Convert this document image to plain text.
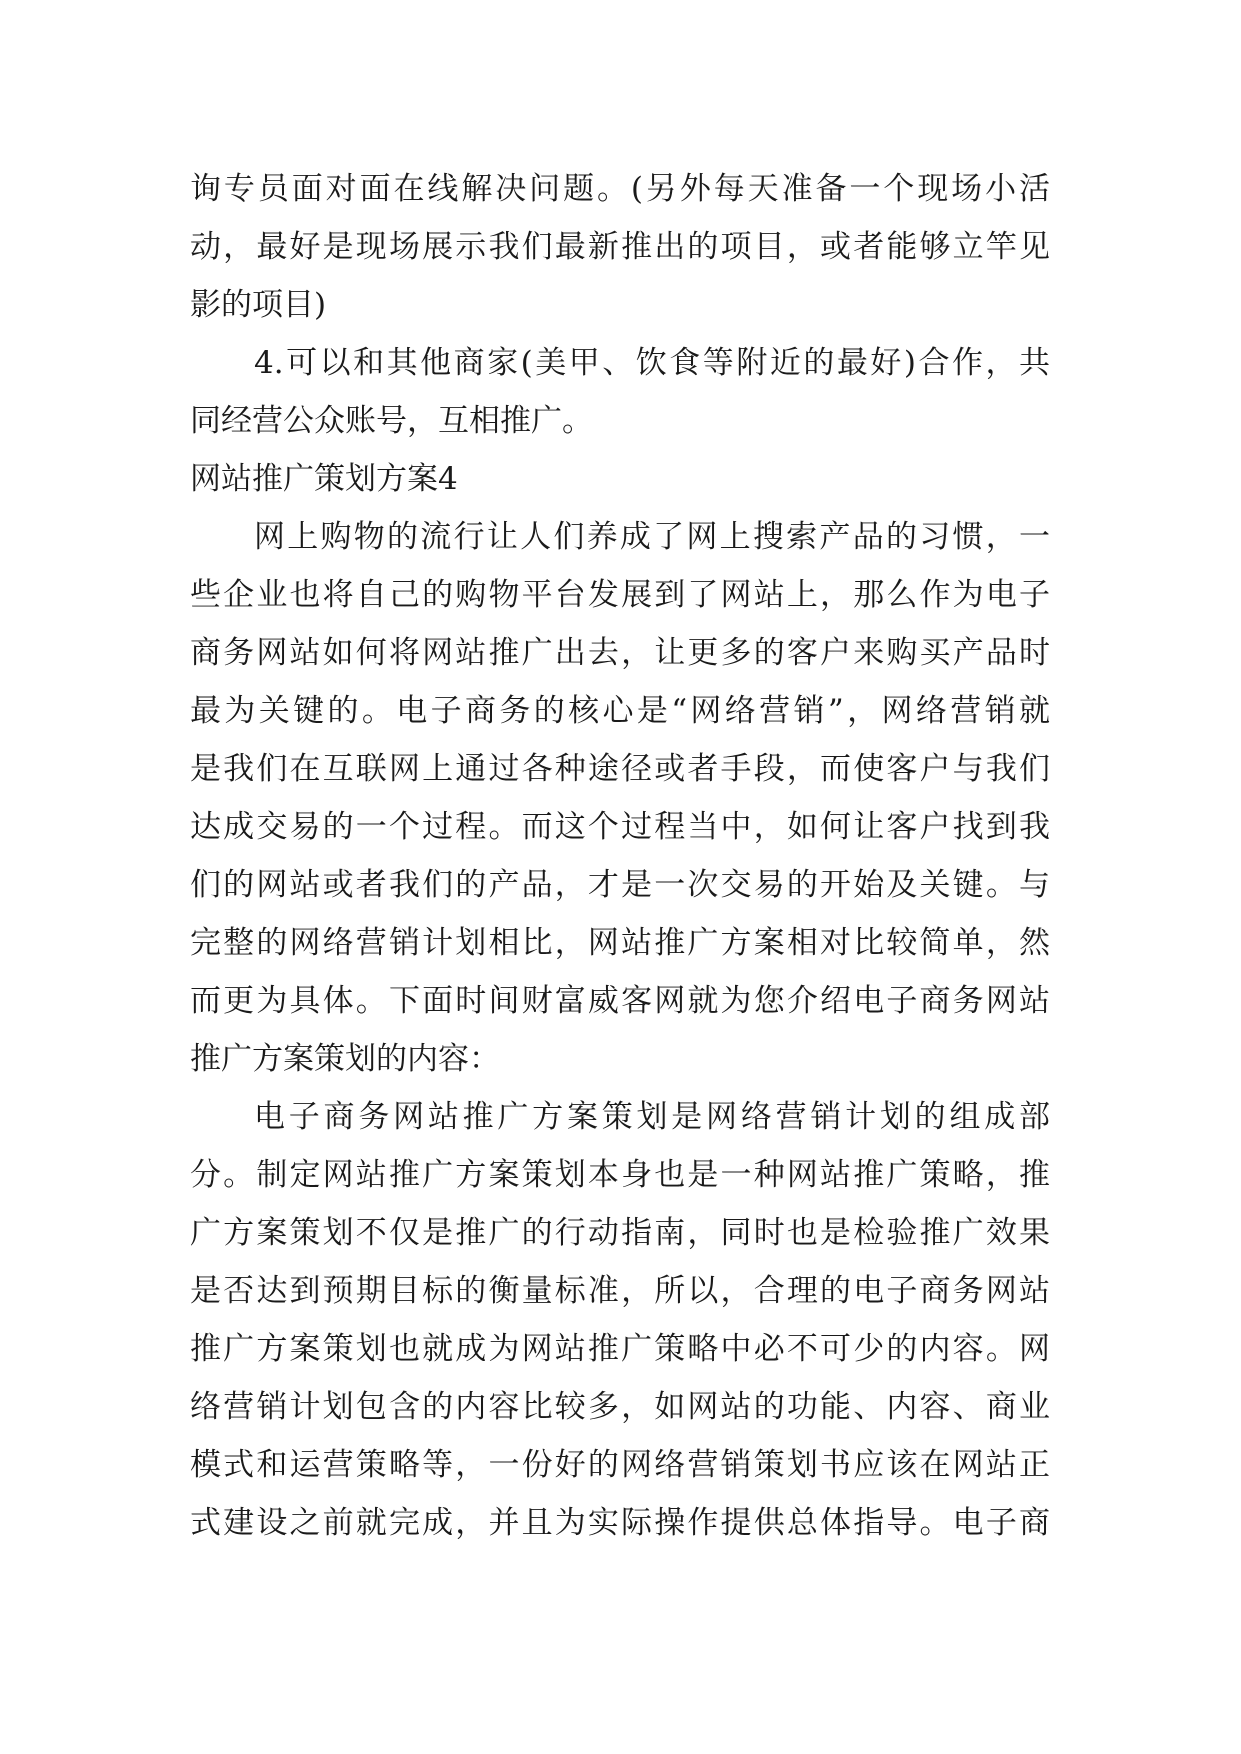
询专员面对面在线解决问题。(另外每天准备一个现场小活
动，最好是现场展示我们最新推出的项目，或者能够立竿见
影的项目)
4.可以和其他商家(美甲、饮食等附近的最好)合作，共
同经营公众账号，互相推广。
网站推广策划方案4
网上购物的流行让人们养成了网上搜索产品的习惯，一
些企业也将自己的购物平台发展到了网站上，那么作为电子
商务网站如何将网站推广出去，让更多的客户来购买产品时
最为关键的。电子商务的核心是“网络营销”，网络营销就
是我们在互联网上通过各种途径或者手段，而使客户与我们
达成交易的一个过程。而这个过程当中，如何让客户找到我
们的网站或者我们的产品，才是一次交易的开始及关键。与
完整的网络营销计划相比，网站推广方案相对比较简单，然
而更为具体。下面时间财富威客网就为您介绍电子商务网站
推广方案策划的内容：
电子商务网站推广方案策划是网络营销计划的组成部
分。制定网站推广方案策划本身也是一种网站推广策略，推
广方案策划不仅是推广的行动指南，同时也是检验推广效果
是否达到预期目标的衡量标准，所以，合理的电子商务网站
推广方案策划也就成为网站推广策略中必不可少的内容。网
络营销计划包含的内容比较多，如网站的功能、内容、商业
模式和运营策略等，一份好的网络营销策划书应该在网站正
式建设之前就完成，并且为实际操作提供总体指导。电子商
